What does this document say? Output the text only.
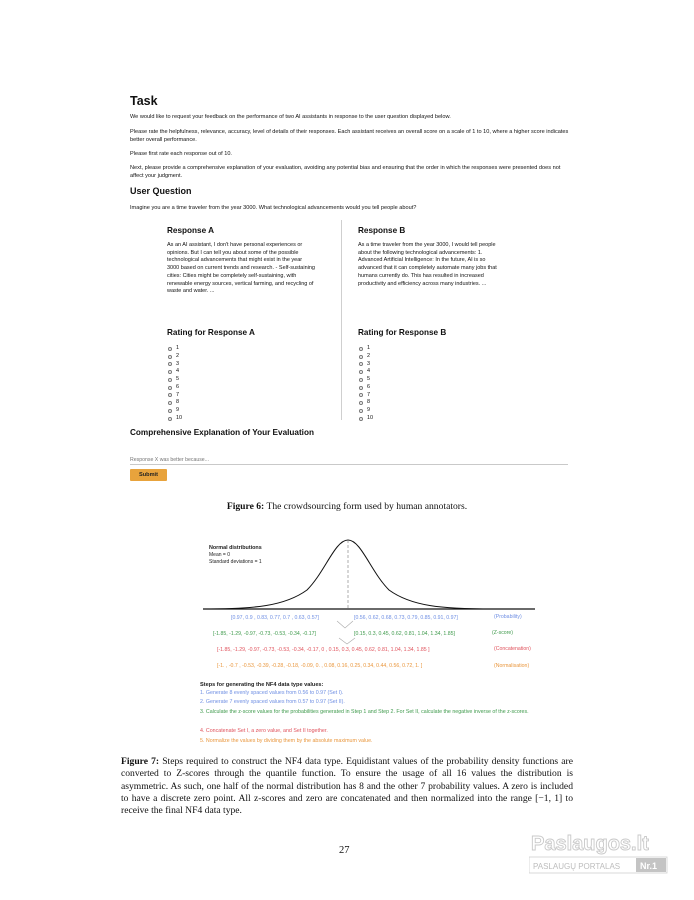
Task

We would like to request your feedback on the performance of two AI assistants in response to the user question displayed below.

Please rate the helpfulness, relevance, accuracy, level of details of their responses. Each assistant receives an overall score on a scale of 1 to 10, where a higher score indicates better overall performance.

Please first rate each response out of 10.

Next, please provide a comprehensive explanation of your evaluation, avoiding any potential bias and ensuring that the order in which the responses were presented does not affect your judgment.

User Question

Imagine you are a time traveler from the year 3000. What technological advancements would you tell people about?

Response A

As an AI assistant, I don't have personal experiences or opinions. But I can tell you about some of the possible technological advancements that might exist in the year 3000 based on current trends and research. - Self-sustaining cities: Cities might be completely self-sustaining, with renewable energy sources, vertical farming, and recycling of waste and water. ...

Response B

As a time traveler from the year 3000, I would tell people about the following technological advancements: 1. Advanced Artificial Intelligence: In the future, AI is so advanced that it can completely automate many jobs that humans currently do. This has resulted in increased productivity and efficiency across many industries. ...

Rating for Response A
1
2
3
4
5
6
7
8
9
10
Rating for Response B
1
2
3
4
5
6
7
8
9
10
Comprehensive Explanation of Your Evaluation
Response X was better because...
Submit

Figure 6: The crowdsourcing form used by human annotators.

Normal distributions
Mean = 0
Standard deviations = 1
[0.97, 0.9 , 0.83, 0.77, 0.7 , 0.63, 0.57]	[0.56, 0.62, 0.68, 0.73, 0.79, 0.85, 0.91, 0.97]	(Probability)
[-1.85, -1.29, -0.97, -0.73, -0.53, -0.34, -0.17]	[0.15, 0.3, 0.45, 0.62, 0.81, 1.04, 1.34, 1.85]	(Z-score)
[-1.85, -1.29, -0.97, -0.73, -0.53, -0.34, -0.17, 0 , 0.15, 0.3, 0.45, 0.62, 0.81, 1.04, 1.34, 1.85 ]	(Concatenation)
[-1. , -0.7 , -0.53, -0.39, -0.28, -0.18, -0.09, 0. , 0.08, 0.16, 0.25, 0.34, 0.44, 0.56, 0.72, 1. ]	(Normalisation)

Steps for generating the NF4 data type values:

1. Generate 8 evenly spaced values from 0.56 to 0.97 (Set I).

2. Generate 7 evenly spaced values from 0.57 to 0.97 (Set II).

3. Calculate the z-score values for the probabilities generated in Step 1 and Step 2. For Set II, calculate the negative inverse of the z-scores.

4. Concatenate Set I, a zero value, and Set II together.

5. Normalize the values by dividing them by the absolute maximum value.

Figure 7: Steps required to construct the NF4 data type. Equidistant values of the probability density functions are converted to Z-scores through the quantile function. To ensure the usage of all 16 values the distribution is asymmetric. As such, one half of the normal distribution has 8 and the other 7 probability values. A zero is included to have a discrete zero point. All z-scores and zero are concatenated and then normalized into the range [−1, 1] to receive the final NF4 data type.

27	Paslaugos.lt
PASLAUGŲ PORTALAS Nr.1
